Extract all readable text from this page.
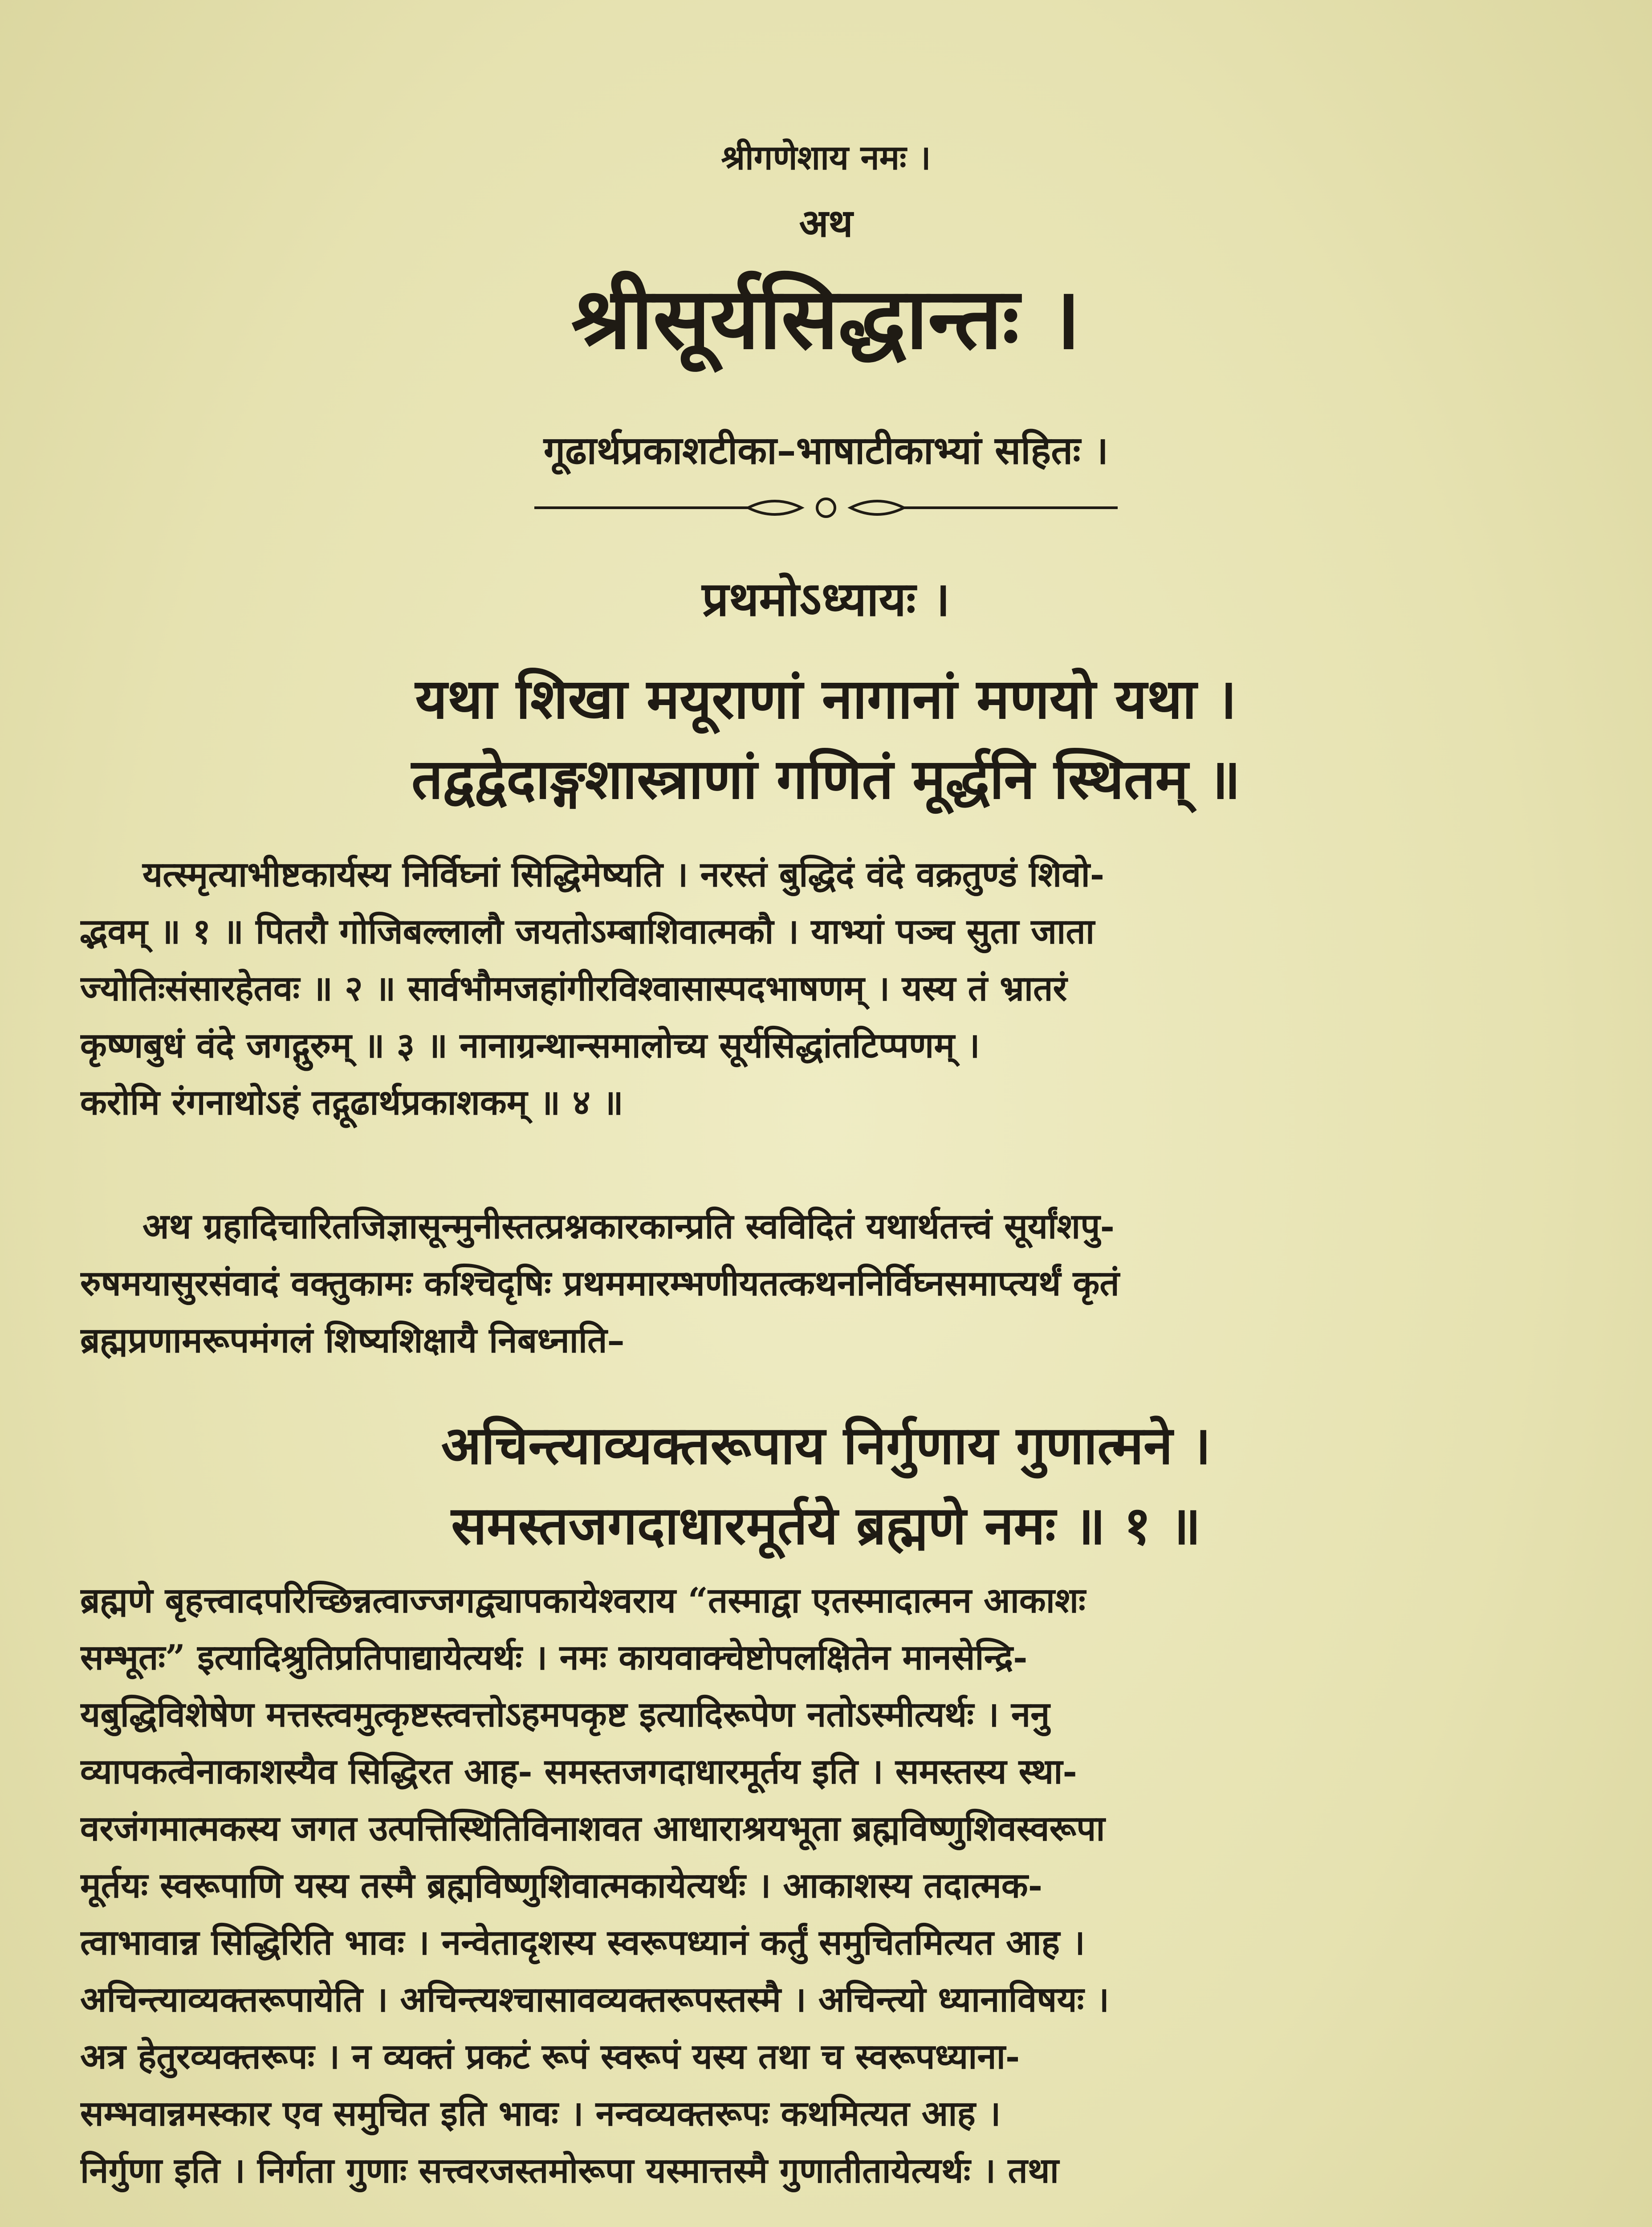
श्रीगणेशाय नमः ।
अथ
श्रीसूर्यसिद्धान्तः ।
गूढार्थप्रकाशटीका–भाषाटीकाभ्यां सहितः ।
प्रथमोऽध्यायः ।
यथा शिखा मयूराणां नागानां मणयो यथा ।
तद्वद्वेदाङ्गशास्त्राणां गणितं मूर्द्धनि स्थितम् ॥
यत्स्मृत्याभीष्टकार्यस्य निर्विघ्नां सिद्धिमेष्यति । नरस्तं बुद्धिदं वंदे वक्रतुण्डं शिवो-
द्भवम् ॥ १ ॥ पितरौ गोजिबल्लालौ जयतोऽम्बाशिवात्मकौ । याभ्यां पञ्च सुता जाता
ज्योतिःसंसारहेतवः ॥ २ ॥ सार्वभौमजहांगीरविश्वासास्पदभाषणम् । यस्य तं भ्रातरं
कृष्णबुधं वंदे जगद्गुरुम् ॥ ३ ॥ नानाग्रन्थान्समालोच्य सूर्यसिद्धांतटिप्पणम् ।
करोमि रंगनाथोऽहं तद्गूढार्थप्रकाशकम् ॥ ४ ॥
अथ ग्रहादिचारितजिज्ञासून्मुनीस्तत्प्रश्नकारकान्प्रति स्वविदितं यथार्थतत्त्वं सूर्यांशपु-
रुषमयासुरसंवादं वक्तुकामः कश्चिदृषिः प्रथममारम्भणीयतत्कथननिर्विघ्नसमाप्त्यर्थं कृतं
ब्रह्मप्रणामरूपमंगलं शिष्यशिक्षायै निबध्नाति–
अचिन्त्याव्यक्तरूपाय निर्गुणाय गुणात्मने ।
समस्तजगदाधारमूर्तये ब्रह्मणे नमः ॥ १ ॥
ब्रह्मणे बृहत्त्वादपरिच्छिन्नत्वाज्जगद्व्यापकायेश्वराय “तस्माद्वा एतस्मादात्मन आकाशः
सम्भूतः” इत्यादिश्रुतिप्रतिपाद्यायेत्यर्थः । नमः कायवाक्चेष्टोपलक्षितेन मानसेन्द्रि-
यबुद्धिविशेषेण मत्तस्त्वमुत्कृष्टस्त्वत्तोऽहमपकृष्ट इत्यादिरूपेण नतोऽस्मीत्यर्थः । ननु
व्यापकत्वेनाकाशस्यैव सिद्धिरत आह- समस्तजगदाधारमूर्तय इति । समस्तस्य स्था-
वरजंगमात्मकस्य जगत उत्पत्तिस्थितिविनाशवत आधाराश्रयभूता ब्रह्मविष्णुशिवस्वरूपा
मूर्तयः स्वरूपाणि यस्य तस्मै ब्रह्मविष्णुशिवात्मकायेत्यर्थः । आकाशस्य तदात्मक-
त्वाभावान्न सिद्धिरिति भावः । नन्वेतादृशस्य स्वरूपध्यानं कर्तुं समुचितमित्यत आह ।
अचिन्त्याव्यक्तरूपायेति । अचिन्त्यश्चासावव्यक्तरूपस्तस्मै । अचिन्त्यो ध्यानाविषयः ।
अत्र हेतुरव्यक्तरूपः । न व्यक्तं प्रकटं रूपं स्वरूपं यस्य तथा च स्वरूपध्याना-
सम्भवान्नमस्कार एव समुचित इति भावः । नन्वव्यक्तरूपः कथमित्यत आह ।
निर्गुणा इति । निर्गता गुणाः सत्त्वरजस्तमोरूपा यस्मात्तस्मै गुणातीतायेत्यर्थः । तथा
